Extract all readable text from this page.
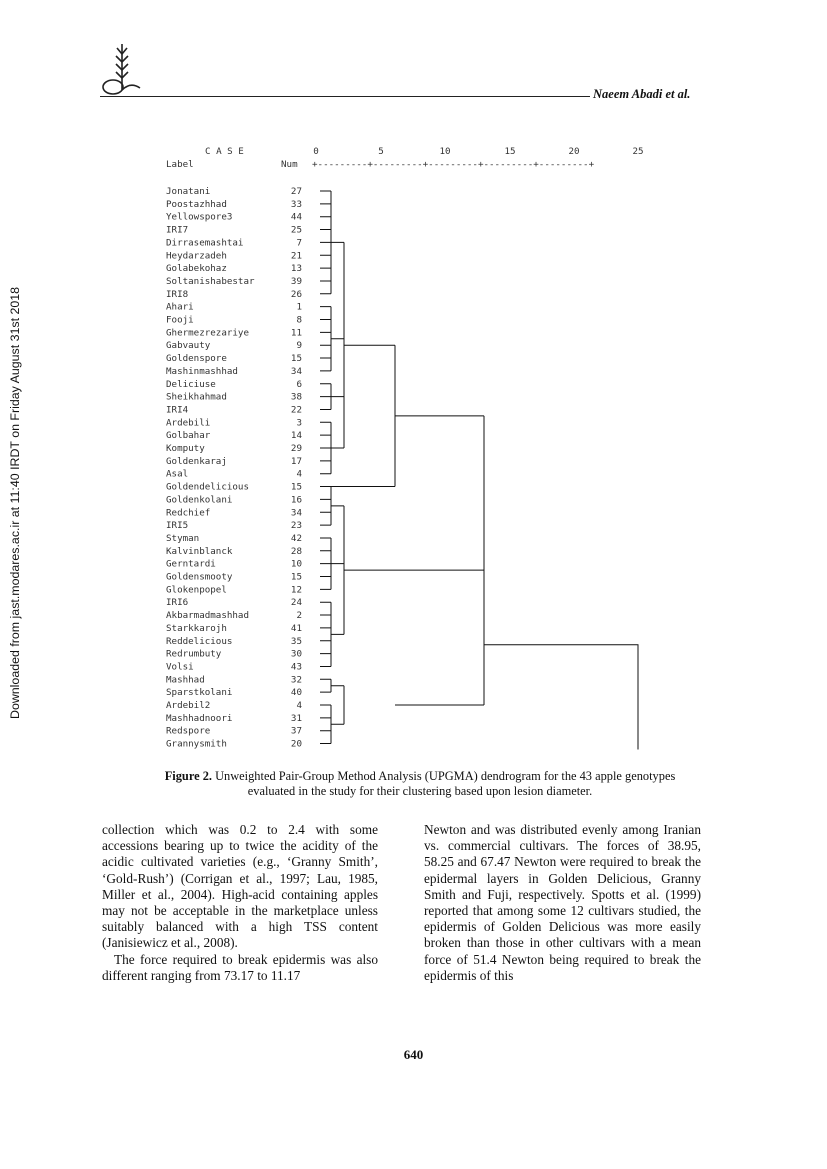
Downloaded from jast.modares.ac.ir at 11:40 IRDT on Friday August 31st 2018
Naeem Abadi et al.
C A S E
Label	Num +---------+---------+---------+---------+---------+
0	5	10	15	20	25
Jonatani	27
Poostazhhad	33
Yellowspore3	44
IRI7	25
Dirrasemashtai	7
Heydarzadeh	21
Golabekohaz	13
Soltanishabestar	39
IRI8	26
Ahari	1
Fooji	8
Ghermezrezariye	11
Gabvauty	9
Goldenspore	15
Mashinmashhad	34
Deliciuse	6
Sheikhahmad	38
IRI4	22
Ardebili	3
Golbahar	14
Komputy	29
Goldenkaraj	17
Asal	4
Goldendelicious	15
Goldenkolani	16
Redchief	34
IRI5	23
Styman	42
Kalvinblanck	28
Gerntardi	10
Goldensmooty	15
Glokenpopel	12
IRI6	24
Akbarmadmashhad	2
Starkkarojh	41
Reddelicious	35
Redrumbuty	30
Volsi	43
Mashhad	32
Sparstkolani	40
Ardebil2	4
Mashhadnoori	31
Redspore	37
Grannysmith	20
Figure 2. Unweighted Pair-Group Method Analysis (UPGMA) dendrogram for the 43 apple genotypes evaluated in the study for their clustering based upon lesion diameter.

collection which was 0.2 to 2.4 with some accessions bearing up to twice the acidity of the acidic cultivated varieties (e.g., ‘Granny Smith’, ‘Gold-Rush’) (Corrigan et al., 1997; Lau, 1985, Miller et al., 2004). High-acid containing apples may not be acceptable in the marketplace unless suitably balanced with a high TSS content (Janisiewicz et al., 2008).

The force required to break epidermis was also different ranging from 73.17 to 11.17

Newton and was distributed evenly among Iranian vs. commercial cultivars. The forces of 38.95, 58.25 and 67.47 Newton were required to break the epidermal layers in Golden Delicious, Granny Smith and Fuji, respectively. Spotts et al. (1999) reported that among some 12 cultivars studied, the epidermis of Golden Delicious was more easily broken than those in other cultivars with a mean force of 51.4 Newton being required to break the epidermis of this

640
